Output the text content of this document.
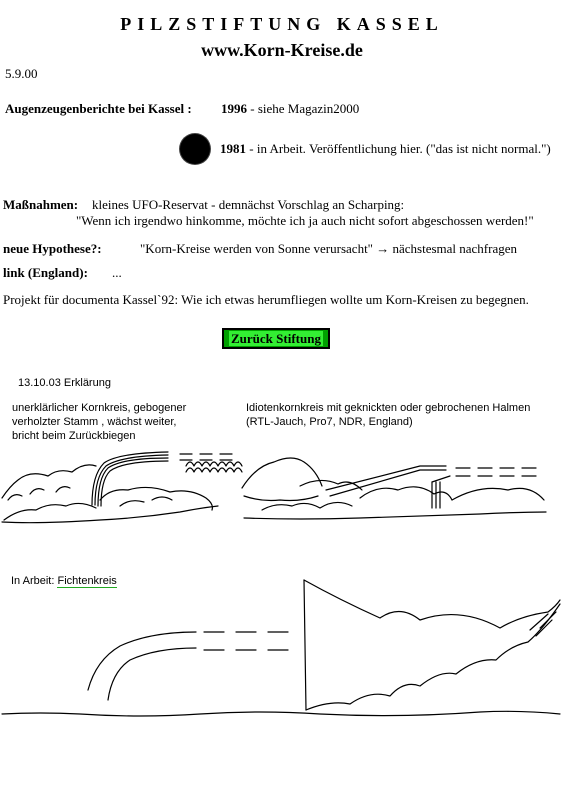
PILZSTIFTUNG KASSEL
www.Korn-Kreise.de
5.9.00
Augenzeugenberichte bei Kassel : 1996 - siehe Magazin2000
1981 - in Arbeit. Veröffentlichung hier. ("das ist nicht normal.")
Maßnahmen: kleines UFO-Reservat - demnächst Vorschlag an Scharping:
"Wenn ich irgendwo hinkomme, möchte ich ja auch nicht sofort abgeschossen werden!"
neue Hypothese?:	"Korn-Kreise werden von Sonne verursacht" → nächstesmal nachfragen
link (England): ...
Projekt für documenta Kassel`92: Wie ich etwas herumfliegen wollte um Korn-Kreisen zu begegnen.
Zurück Stiftung
13.10.03 Erklärung
unerklärlicher Kornkreis, gebogener
verholzter Stamm , wächst weiter,
bricht beim Zurückbiegen
Idiotenkornkreis mit geknickten oder gebrochenen Halmen
(RTL-Jauch, Pro7, NDR, England)
In Arbeit: Fichtenkreis
